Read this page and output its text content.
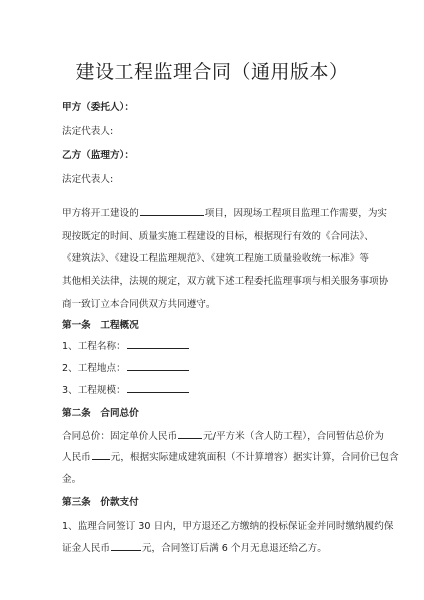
建设工程监理合同（通用版本）
甲方（委托人）：
法定代表人:
乙方（监理方）：
法定代表人:
甲方将开工建设的	项目，因现场工程项目监理工作需要，为实
现按既定的时间、质量实施工程建设的目标，根据现行有效的《合同法》、
《建筑法》、《建设工程监理规范》、《建筑工程施工质量验收统一标准》等
其他相关法律，法规的规定，双方就下述工程委托监理事项与相关服务事项协
商一致订立本合同供双方共同遵守。
第一条　工程概况
1、工程名称：
2、工程地点：
3、工程规模：
第二条　合同总价
合同总价：固定单价人民币	元/平方米（含人防工程），合同暂估总价为
人民币 元，根据实际建成建筑面积（不计算增容）据实计算，合同价已包含
金。
第三条　价款支付
1、监理合同签订 30 日内，甲方退还乙方缴纳的投标保证金并同时缴纳履约保
证金人民币	元，合同签订后满 6 个月无息退还给乙方。
